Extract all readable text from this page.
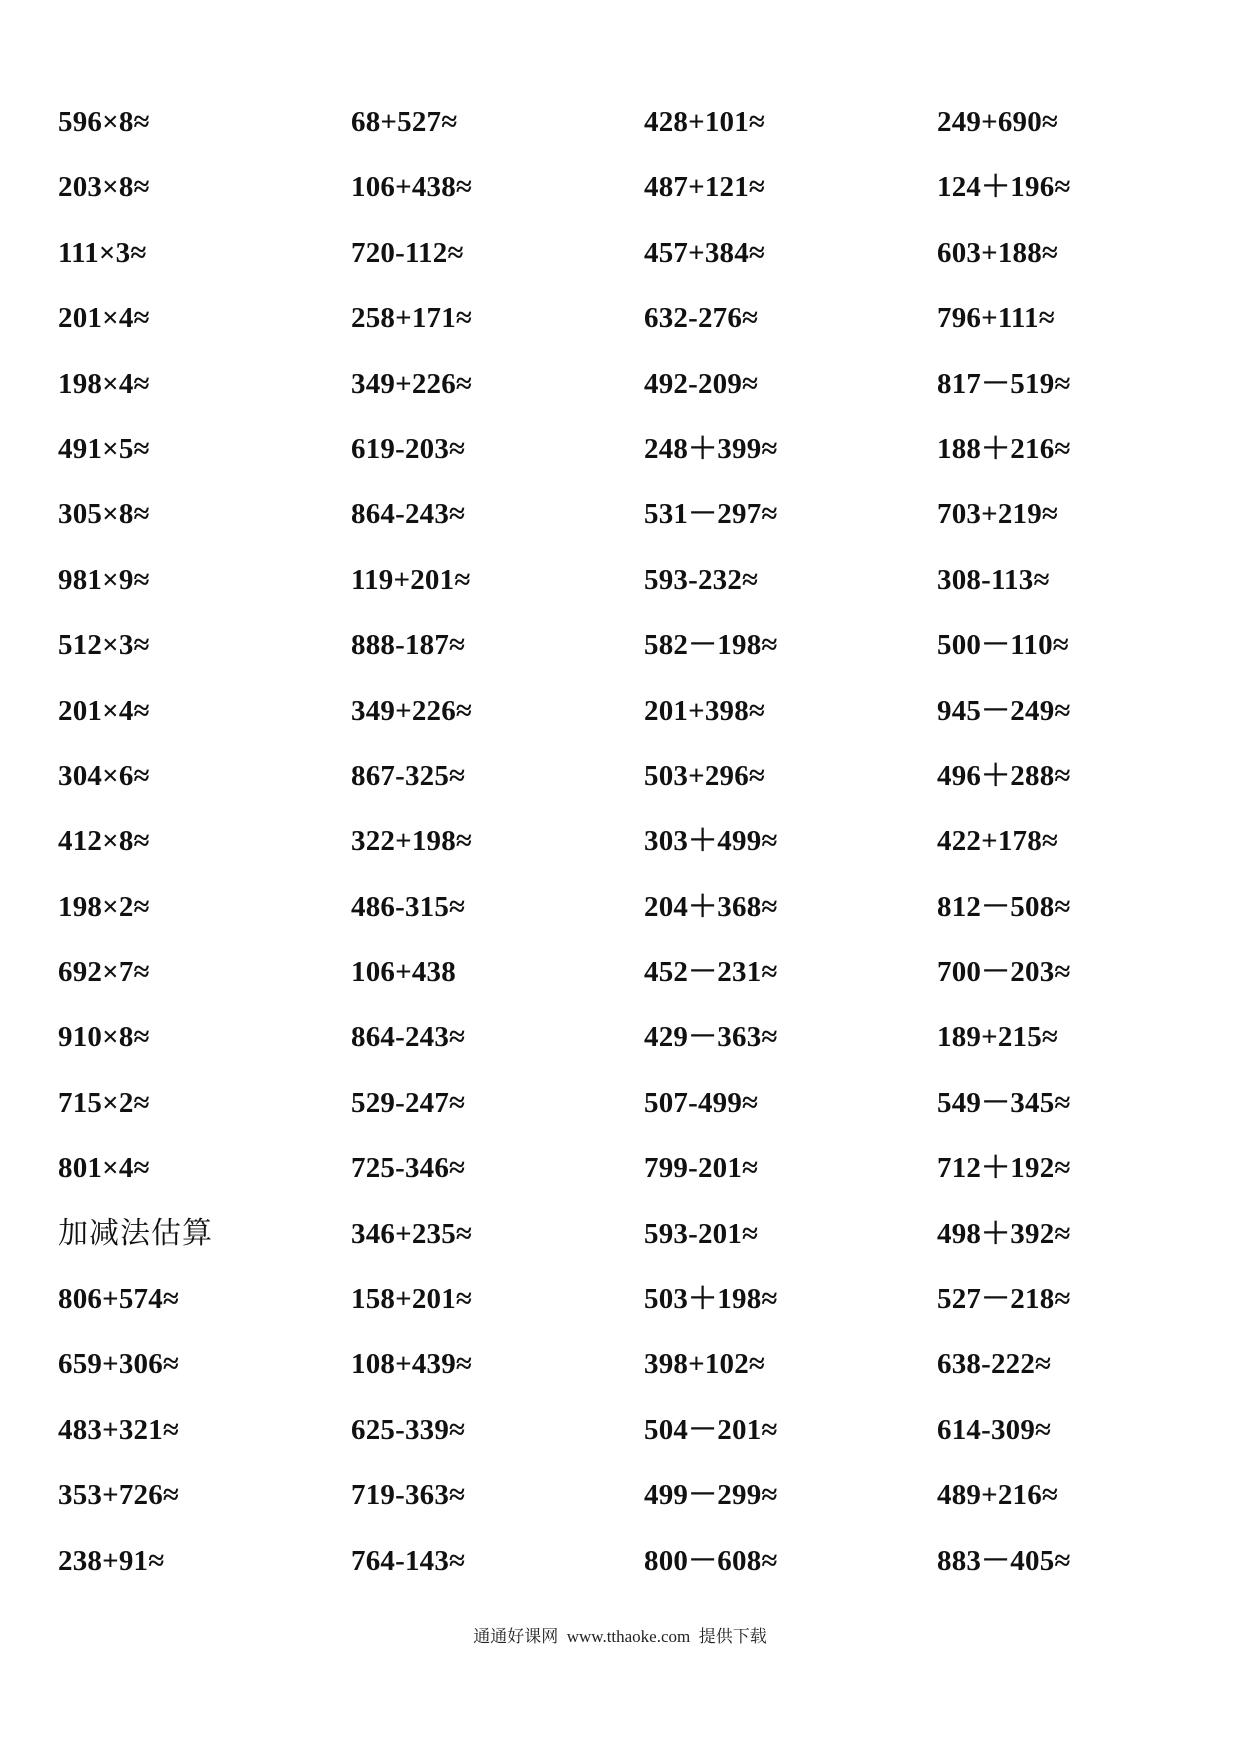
596×8≈	68+527≈	428+101≈	249+690≈
203×8≈	106+438≈	487+121≈	124＋196≈
111×3≈	720-112≈	457+384≈	603+188≈
201×4≈	258+171≈	632-276≈	796+111≈
198×4≈	349+226≈	492-209≈	817－519≈
491×5≈	619-203≈	248＋399≈	188＋216≈
305×8≈	864-243≈	531－297≈	703+219≈
981×9≈	119+201≈	593-232≈	308-113≈
512×3≈	888-187≈	582－198≈	500－110≈
201×4≈	349+226≈	201+398≈	945－249≈
304×6≈	867-325≈	503+296≈	496＋288≈
412×8≈	322+198≈	303＋499≈	422+178≈
198×2≈	486-315≈	204＋368≈	812－508≈
692×7≈	106+438	452－231≈	700－203≈
910×8≈	864-243≈	429－363≈	189+215≈
715×2≈	529-247≈	507-499≈	549－345≈
801×4≈	725-346≈	799-201≈	712＋192≈
加减法估算	346+235≈	593-201≈	498＋392≈
806+574≈	158+201≈	503＋198≈	527－218≈
659+306≈	108+439≈	398+102≈	638-222≈
483+321≈	625-339≈	504－201≈	614-309≈
353+726≈	719-363≈	499－299≈	489+216≈
238+91≈	764-143≈	800－608≈	883－405≈
通通好课网  www.tthaoke.com  提供下载
